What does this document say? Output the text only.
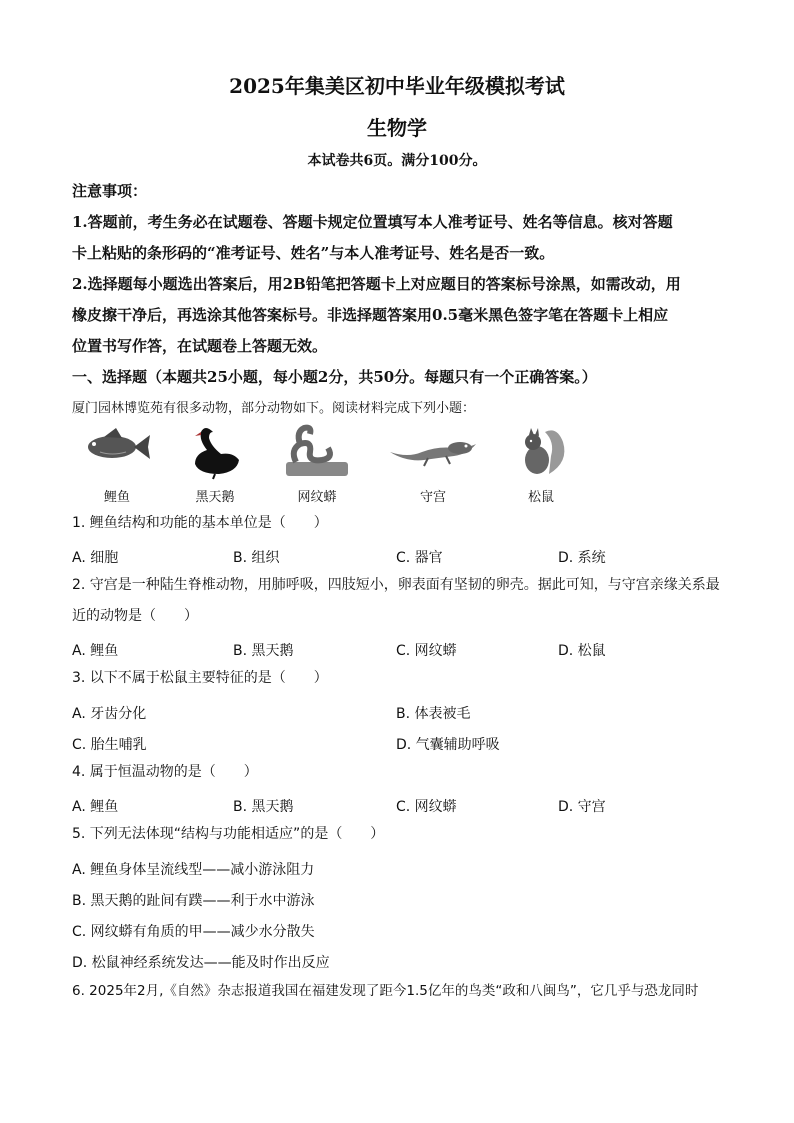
2025年集美区初中毕业年级模拟考试
生物学
本试卷共6页。满分100分。
注意事项：
1.答题前，考生务必在试题卷、答题卡规定位置填写本人准考证号、姓名等信息。核对答题
卡上粘贴的条形码的“准考证号、姓名”与本人准考证号、姓名是否一致。
2.选择题每小题选出答案后，用2B铅笔把答题卡上对应题目的答案标号涂黑，如需改动，用
橡皮擦干净后，再选涂其他答案标号。非选择题答案用0.5毫米黑色签字笔在答题卡上相应
位置书写作答，在试题卷上答题无效。
一、选择题（本题共25小题，每小题2分，共50分。每题只有一个正确答案。）
厦门园林博览苑有很多动物，部分动物如下。阅读材料完成下列小题：
鲤鱼	黑天鹅	网纹蟒	守宫	松鼠
1. 鲤鱼结构和功能的基本单位是（　　）
A. 细胞	B. 组织	C. 器官	D. 系统
2. 守宫是一种陆生脊椎动物，用肺呼吸，四肢短小，卵表面有坚韧的卵壳。据此可知，与守宫亲缘关系最
近的动物是（　　）
A. 鲤鱼	B. 黑天鹅	C. 网纹蟒	D. 松鼠
3. 以下不属于松鼠主要特征的是（　　）
A. 牙齿分化	B. 体表被毛
C. 胎生哺乳	D. 气囊辅助呼吸
4. 属于恒温动物的是（　　）
A. 鲤鱼	B. 黑天鹅	C. 网纹蟒	D. 守宫
5. 下列无法体现“结构与功能相适应”的是（　　）
A. 鲤鱼身体呈流线型——减小游泳阻力
B. 黑天鹅的趾间有蹼——利于水中游泳
C. 网纹蟒有角质的甲——减少水分散失
D. 松鼠神经系统发达——能及时作出反应
6. 2025年2月,《自然》杂志报道我国在福建发现了距今1.5亿年的鸟类“政和八闽鸟”，它几乎与恐龙同时
